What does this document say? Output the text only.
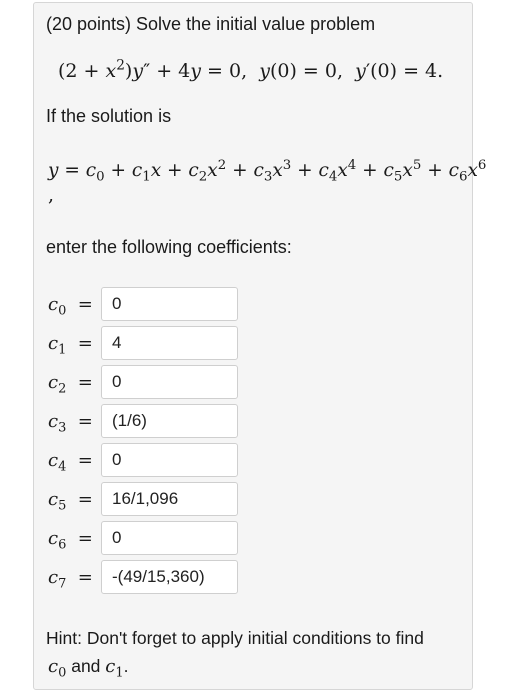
(20 points) Solve the initial value problem
$(2 + x^2)y'' + 4y = 0$,  y(0) = 0,  y′(0) = 4.
If the solution is
$y = c_0 + c_1x + c_2x^2 + c_3x^3 + c_4x^4 + c_5x^5 + c_6x^6$
,
enter the following coefficients:
$c_0$  =	0
$c_1$  =	4
$c_2$  =	0
$c_3$  =	(1/6)
$c_4$  =	0
$c_5$  =	16/1,096
$c_6$  =	0
$c_7$  =	-(49/15,360)
Hint: Don't forget to apply initial conditions to find
$c_0$ and $c_1$.
